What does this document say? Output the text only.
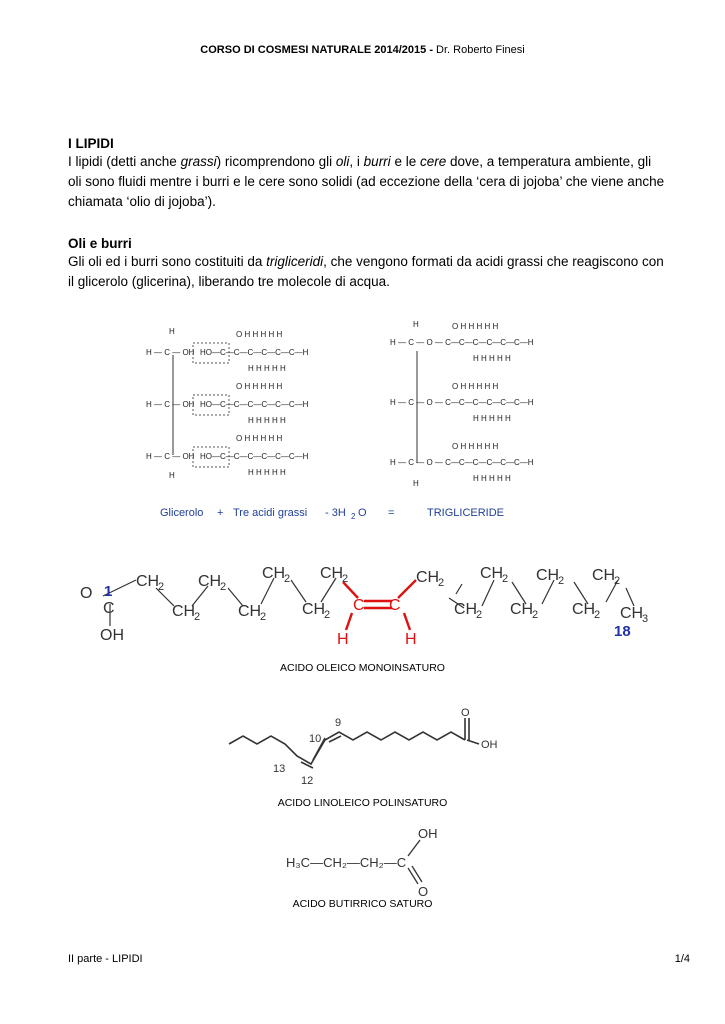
CORSO DI COSMESI NATURALE 2014/2015 - Dr. Roberto Finesi
I LIPIDI
I lipidi (detti anche grassi) ricomprendono gli oli, i burri e le cere dove, a temperatura ambiente, gli oli sono fluidi mentre i burri e le cere sono solidi (ad eccezione della ‘cera di jojoba’ che viene anche chiamata ‘olio di jojoba’).
Oli e burri
Gli oli ed i burri sono costituiti da trigliceridi, che vengono formati da acidi grassi che reagiscono con il glicerolo (glicerina), liberando tre molecole di acqua.
H
H — C — OH
H — C — OH
H — C — OH
H
O H H H H H
HO—C—C—C—C—C—C—H
H H H H H
O H H H H H
HO—C—C—C—C—C—C—H
H H H H H
O H H H H H
HO—C—C—C—C—C—C—H
H H H H H
H
H — C — O — C—C—C—C—C—C—H
O H H H H H
H H H H H
O H H H H H
H — C — O — C—C—C—C—C—C—H
H H H H H
O H H H H H
H — C — O — C—C—C—C—C—C—H
H H H H H
H
Glicerolo + Tre acidi grassi - 3H 2 O =	TRIGLICERIDE
O
C
OH
CH
2
CH
2
CH
2
CH
2
CH
2
CH
2
CH
2	CH
2
CH
2
CH
2
CH
2
CH
2
CH
2
CH
2
CH
3
C C
H	H
1
18
ACIDO OLEICO MONOINSATURO
O
OH
9
10
12
13
ACIDO LINOLEICO POLINSATURO
H₃C—CH₂—CH₂—C
OH
O
ACIDO BUTIRRICO SATURO
II parte - LIPIDI	1/4
